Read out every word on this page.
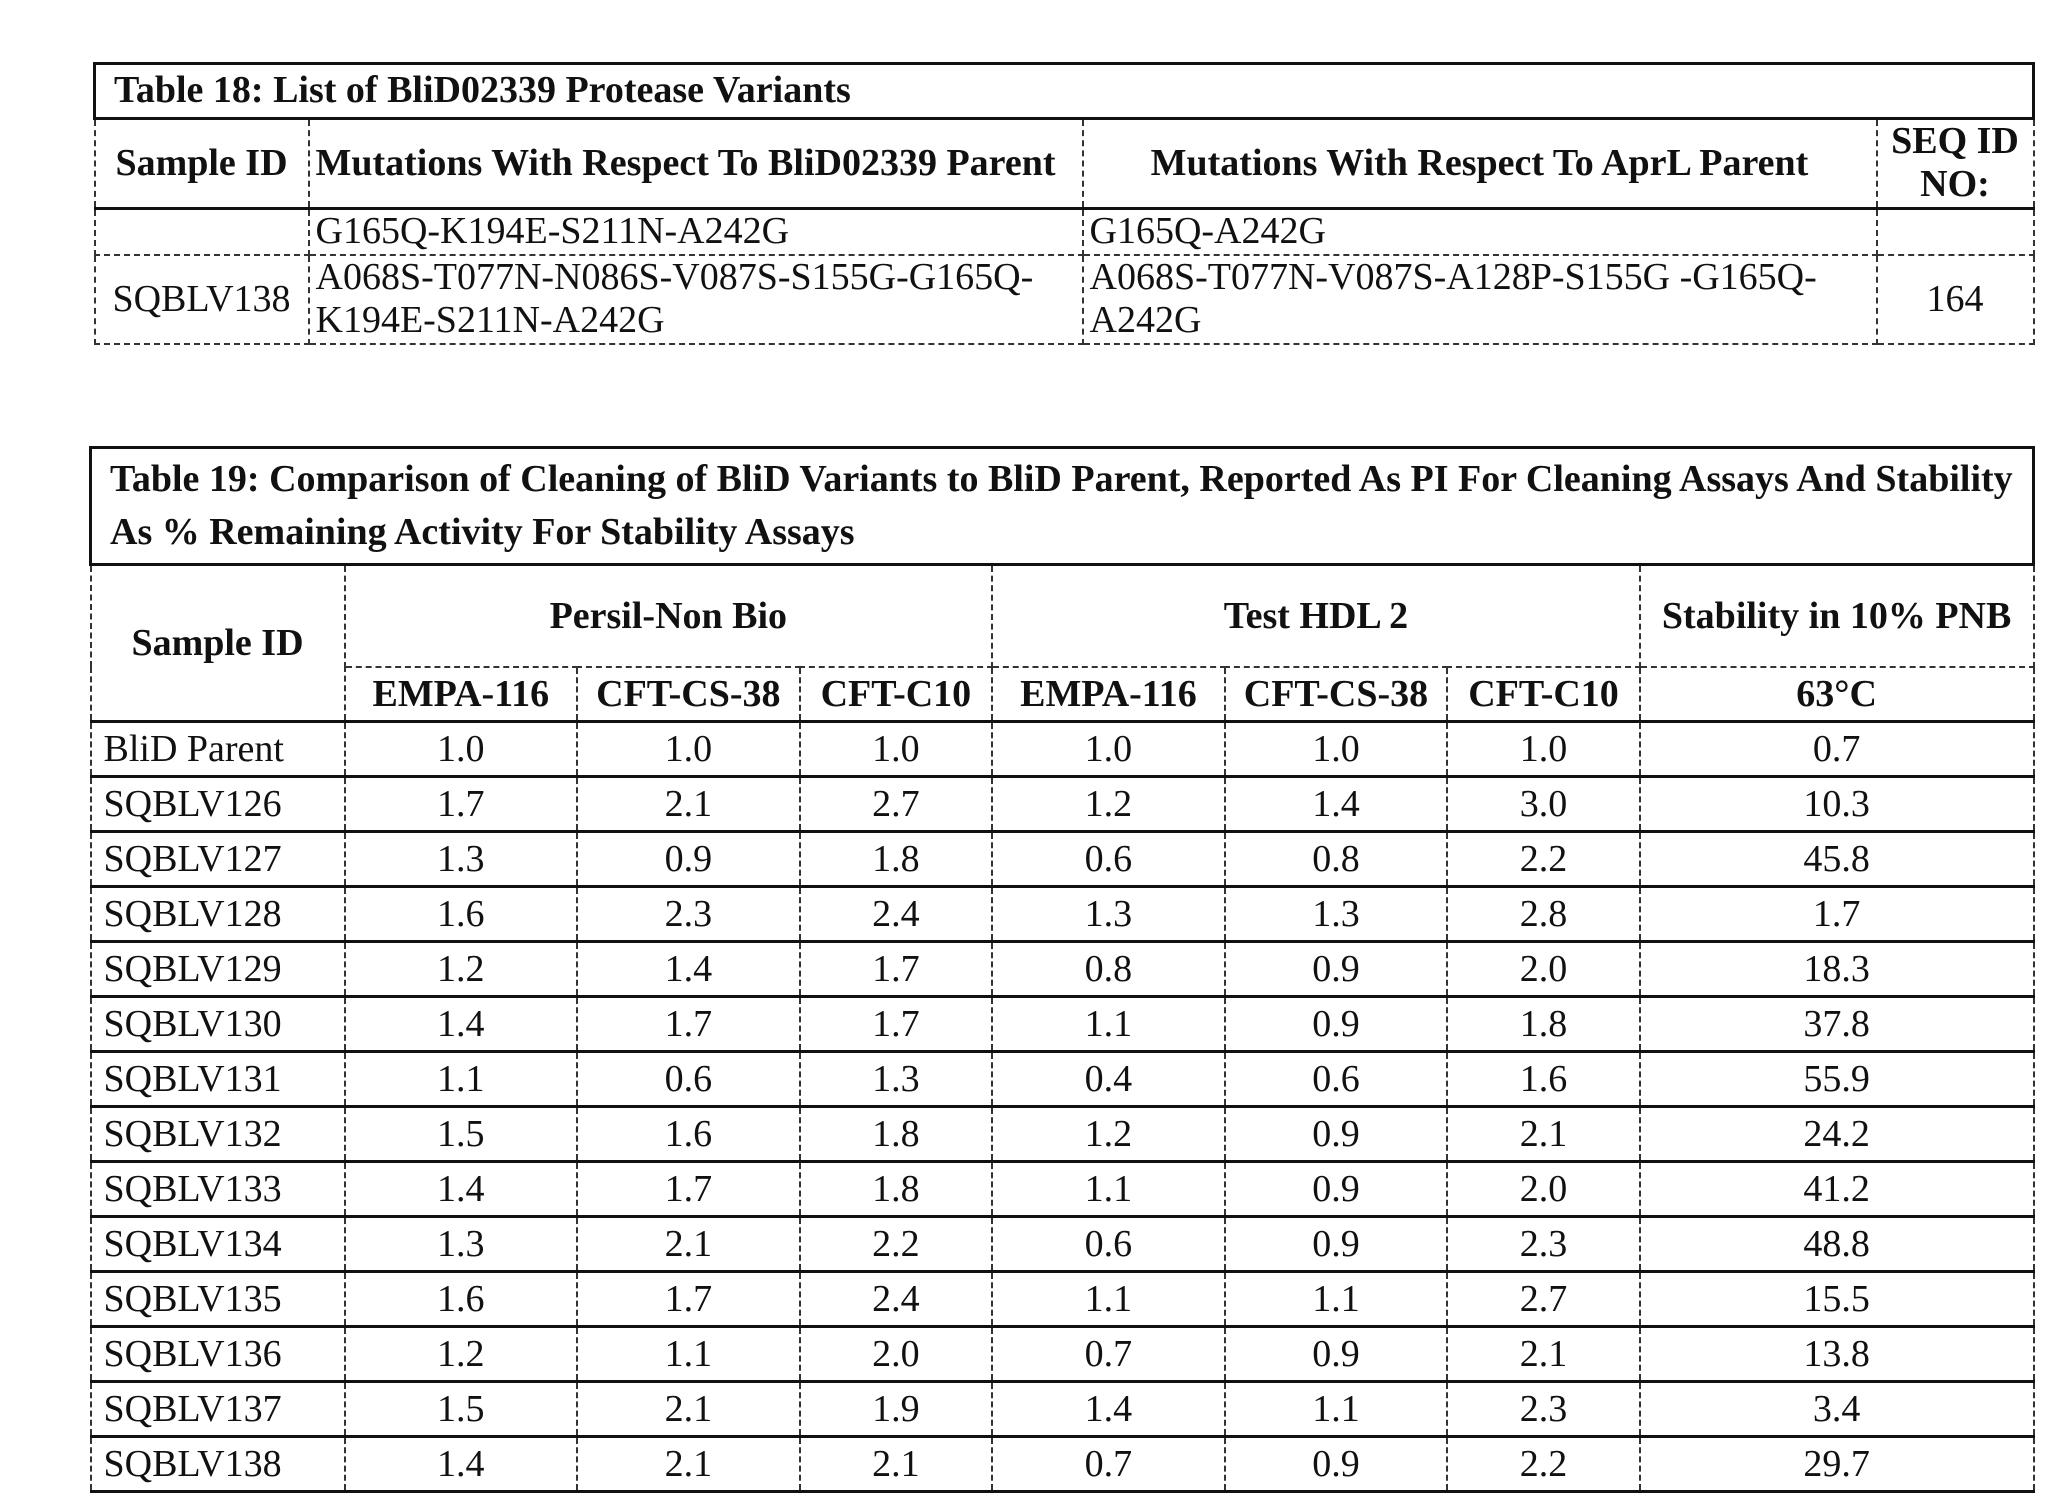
Table 18: List of BliD02339 Protease Variants			
Sample ID	Mutations With Respect To BliD02339 Parent	Mutations With Respect To AprL Parent	SEQ ID NO:
	G165Q-K194E-S211N-A242G	G165Q-A242G	
SQBLV138	A068S-T077N-N086S-V087S-S155G-G165Q-K194E-S211N-A242G	A068S-T077N-V087S-A128P-S155G -G165Q-A242G	164
Table 19: Comparison of Cleaning of BliD Variants to BliD Parent, Reported As PI For Cleaning Assays And Stability As % Remaining Activity For Stability Assays							
Sample ID	Persil-Non Bio			Test HDL 2			Stability in 10% PNB
	EMPA-116	CFT-CS-38	CFT-C10	EMPA-116	CFT-CS-38	CFT-C10	63°C
BliD Parent	1.0	1.0	1.0	1.0	1.0	1.0	0.7
SQBLV126	1.7	2.1	2.7	1.2	1.4	3.0	10.3
SQBLV127	1.3	0.9	1.8	0.6	0.8	2.2	45.8
SQBLV128	1.6	2.3	2.4	1.3	1.3	2.8	1.7
SQBLV129	1.2	1.4	1.7	0.8	0.9	2.0	18.3
SQBLV130	1.4	1.7	1.7	1.1	0.9	1.8	37.8
SQBLV131	1.1	0.6	1.3	0.4	0.6	1.6	55.9
SQBLV132	1.5	1.6	1.8	1.2	0.9	2.1	24.2
SQBLV133	1.4	1.7	1.8	1.1	0.9	2.0	41.2
SQBLV134	1.3	2.1	2.2	0.6	0.9	2.3	48.8
SQBLV135	1.6	1.7	2.4	1.1	1.1	2.7	15.5
SQBLV136	1.2	1.1	2.0	0.7	0.9	2.1	13.8
SQBLV137	1.5	2.1	1.9	1.4	1.1	2.3	3.4
SQBLV138	1.4	2.1	2.1	0.7	0.9	2.2	29.7
